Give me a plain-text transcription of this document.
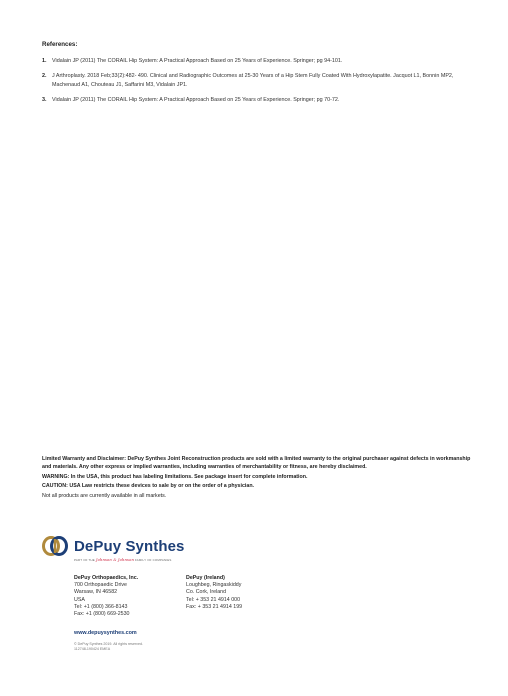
References:
1.	Vidalain JP (2011) The CORAIL Hip System: A Practical Approach Based on 25 Years of Experience. Springer; pg 94-101.
2.	J Arthroplasty. 2018 Feb;33(2):482- 490. Clinical and Radiographic Outcomes at 25-30 Years of a Hip Stem Fully Coated With Hydroxylapatite. Jacquot L1, Bonnin MP2, Machenaud A1, Chouteau J1, Saffarini M3, Vidalain JP1.
3.	Vidalain JP (2011) The CORAIL Hip System: A Practical Approach Based on 25 Years of Experience. Springer; pg 70-72.
Limited Warranty and Disclaimer: DePuy Synthes Joint Reconstruction products are sold with a limited warranty to the original purchaser against defects in workmanship and materials. Any other express or implied warranties, including warranties of merchantability or fitness, are hereby disclaimed.
WARNING: In the USA, this product has labeling limitations. See package insert for complete information.
CAUTION: USA Law restricts these devices to sale by or on the order of a physician.
Not all products are currently available in all markets.
DePuy Synthes
PART OF THE Johnson & Johnson FAMILY OF COMPANIES
DePuy Orthopaedics, Inc.
700 Orthopaedic Drive
Warsaw, IN 46582
USA
Tel: +1 (800) 366-8143
Fax: +1 (800) 669-2530
DePuy (Ireland)
Loughbeg, Ringaskiddy
Co. Cork, Ireland
Tel: + 353 21 4914 000
Fax: + 353 21 4914 199
www.depuysynthes.com
© DePuy Synthes 2019. All rights reserved.
112748-190424 EMEA
